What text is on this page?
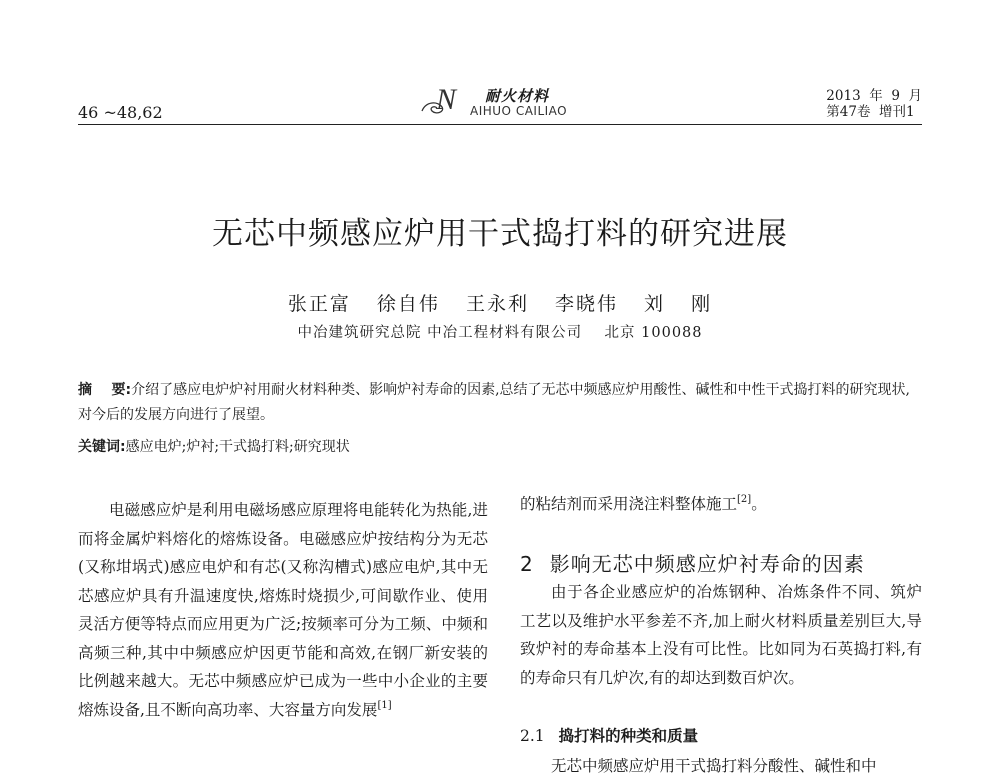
46 ~48,62	N 耐火材料
AIHUO CAILIAO
2013  年  9  月
第47卷  增刊1
无芯中频感应炉用干式捣打料的研究进展
张正富 徐自伟 王永利 李晓伟 刘 刚
中冶建筑研究总院 中冶工程材料有限公司    北京 100088
摘    要:介绍了感应电炉炉衬用耐火材料种类、影响炉衬寿命的因素,总结了无芯中频感应炉用酸性、碱性和中性干式捣打料的研究现状,对今后的发展方向进行了展望。
关键词:感应电炉;炉衬;干式捣打料;研究现状
电磁感应炉是利用电磁场感应原理将电能转化为热能,进而将金属炉料熔化的熔炼设备。电磁感应炉按结构分为无芯(又称坩埚式)感应电炉和有芯(又称沟槽式)感应电炉,其中无芯感应炉具有升温速度快,熔炼时烧损少,可间歇作业、使用灵活方便等特点而应用更为广泛;按频率可分为工频、中频和高频三种,其中中频感应炉因更节能和高效,在钢厂新安装的比例越来越大。无芯中频感应炉已成为一些中小企业的主要熔炼设备,且不断向高功率、大容量方向发展[1]
的粘结剂而采用浇注料整体施工[2]。
2 影响无芯中频感应炉衬寿命的因素
由于各企业感应炉的冶炼钢种、冶炼条件不同、筑炉工艺以及维护水平参差不齐,加上耐火材料质量差别巨大,导致炉衬的寿命基本上没有可比性。比如同为石英捣打料,有的寿命只有几炉次,有的却达到数百炉次。
2.1 捣打料的种类和质量
无芯中频感应炉用干式捣打料分酸性、碱性和中
